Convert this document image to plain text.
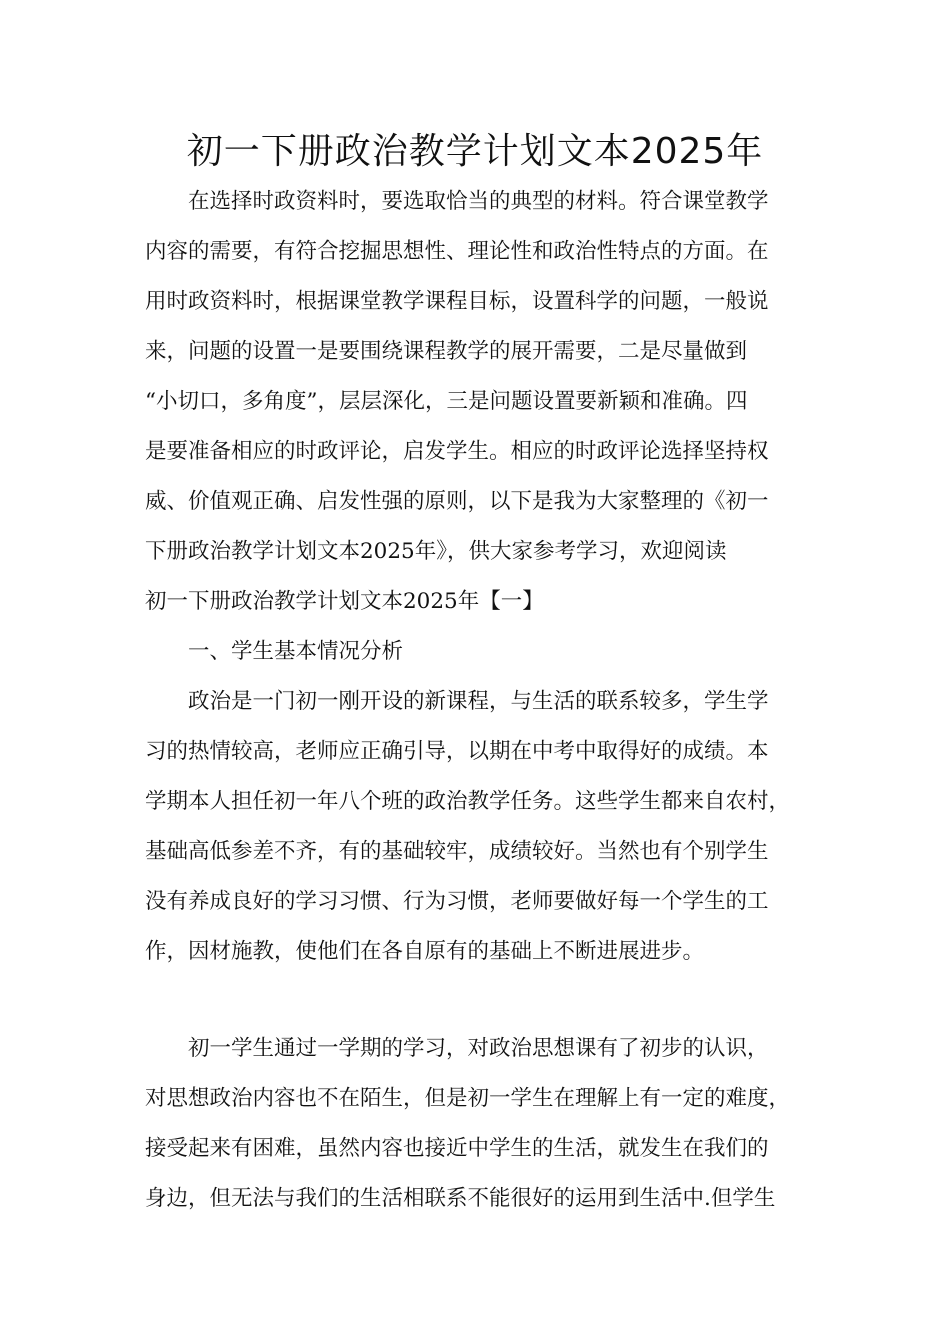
初一下册政治教学计划文本2025年
在选择时政资料时，要选取恰当的典型的材料。符合课堂教学
内容的需要，有符合挖掘思想性、理论性和政治性特点的方面。在
用时政资料时，根据课堂教学课程目标，设置科学的问题，一般说
来，问题的设置一是要围绕课程教学的展开需要，二是尽量做到
“小切口，多角度”，层层深化，三是问题设置要新颖和准确。四
是要准备相应的时政评论，启发学生。相应的时政评论选择坚持权
威、价值观正确、启发性强的原则，以下是我为大家整理的《初一
下册政治教学计划文本2025年》，供大家参考学习，欢迎阅读
初一下册政治教学计划文本2025年【一】
一、学生基本情况分析
政治是一门初一刚开设的新课程，与生活的联系较多，学生学
习的热情较高，老师应正确引导，以期在中考中取得好的成绩。本
学期本人担任初一年八个班的政治教学任务。这些学生都来自农村，
基础高低参差不齐，有的基础较牢，成绩较好。当然也有个别学生
没有养成良好的学习习惯、行为习惯，老师要做好每一个学生的工
作，因材施教，使他们在各自原有的基础上不断进展进步。
初一学生通过一学期的学习，对政治思想课有了初步的认识，
对思想政治内容也不在陌生，但是初一学生在理解上有一定的难度，
接受起来有困难，虽然内容也接近中学生的生活，就发生在我们的
身边，但无法与我们的生活相联系不能很好的运用到生活中.但学生
